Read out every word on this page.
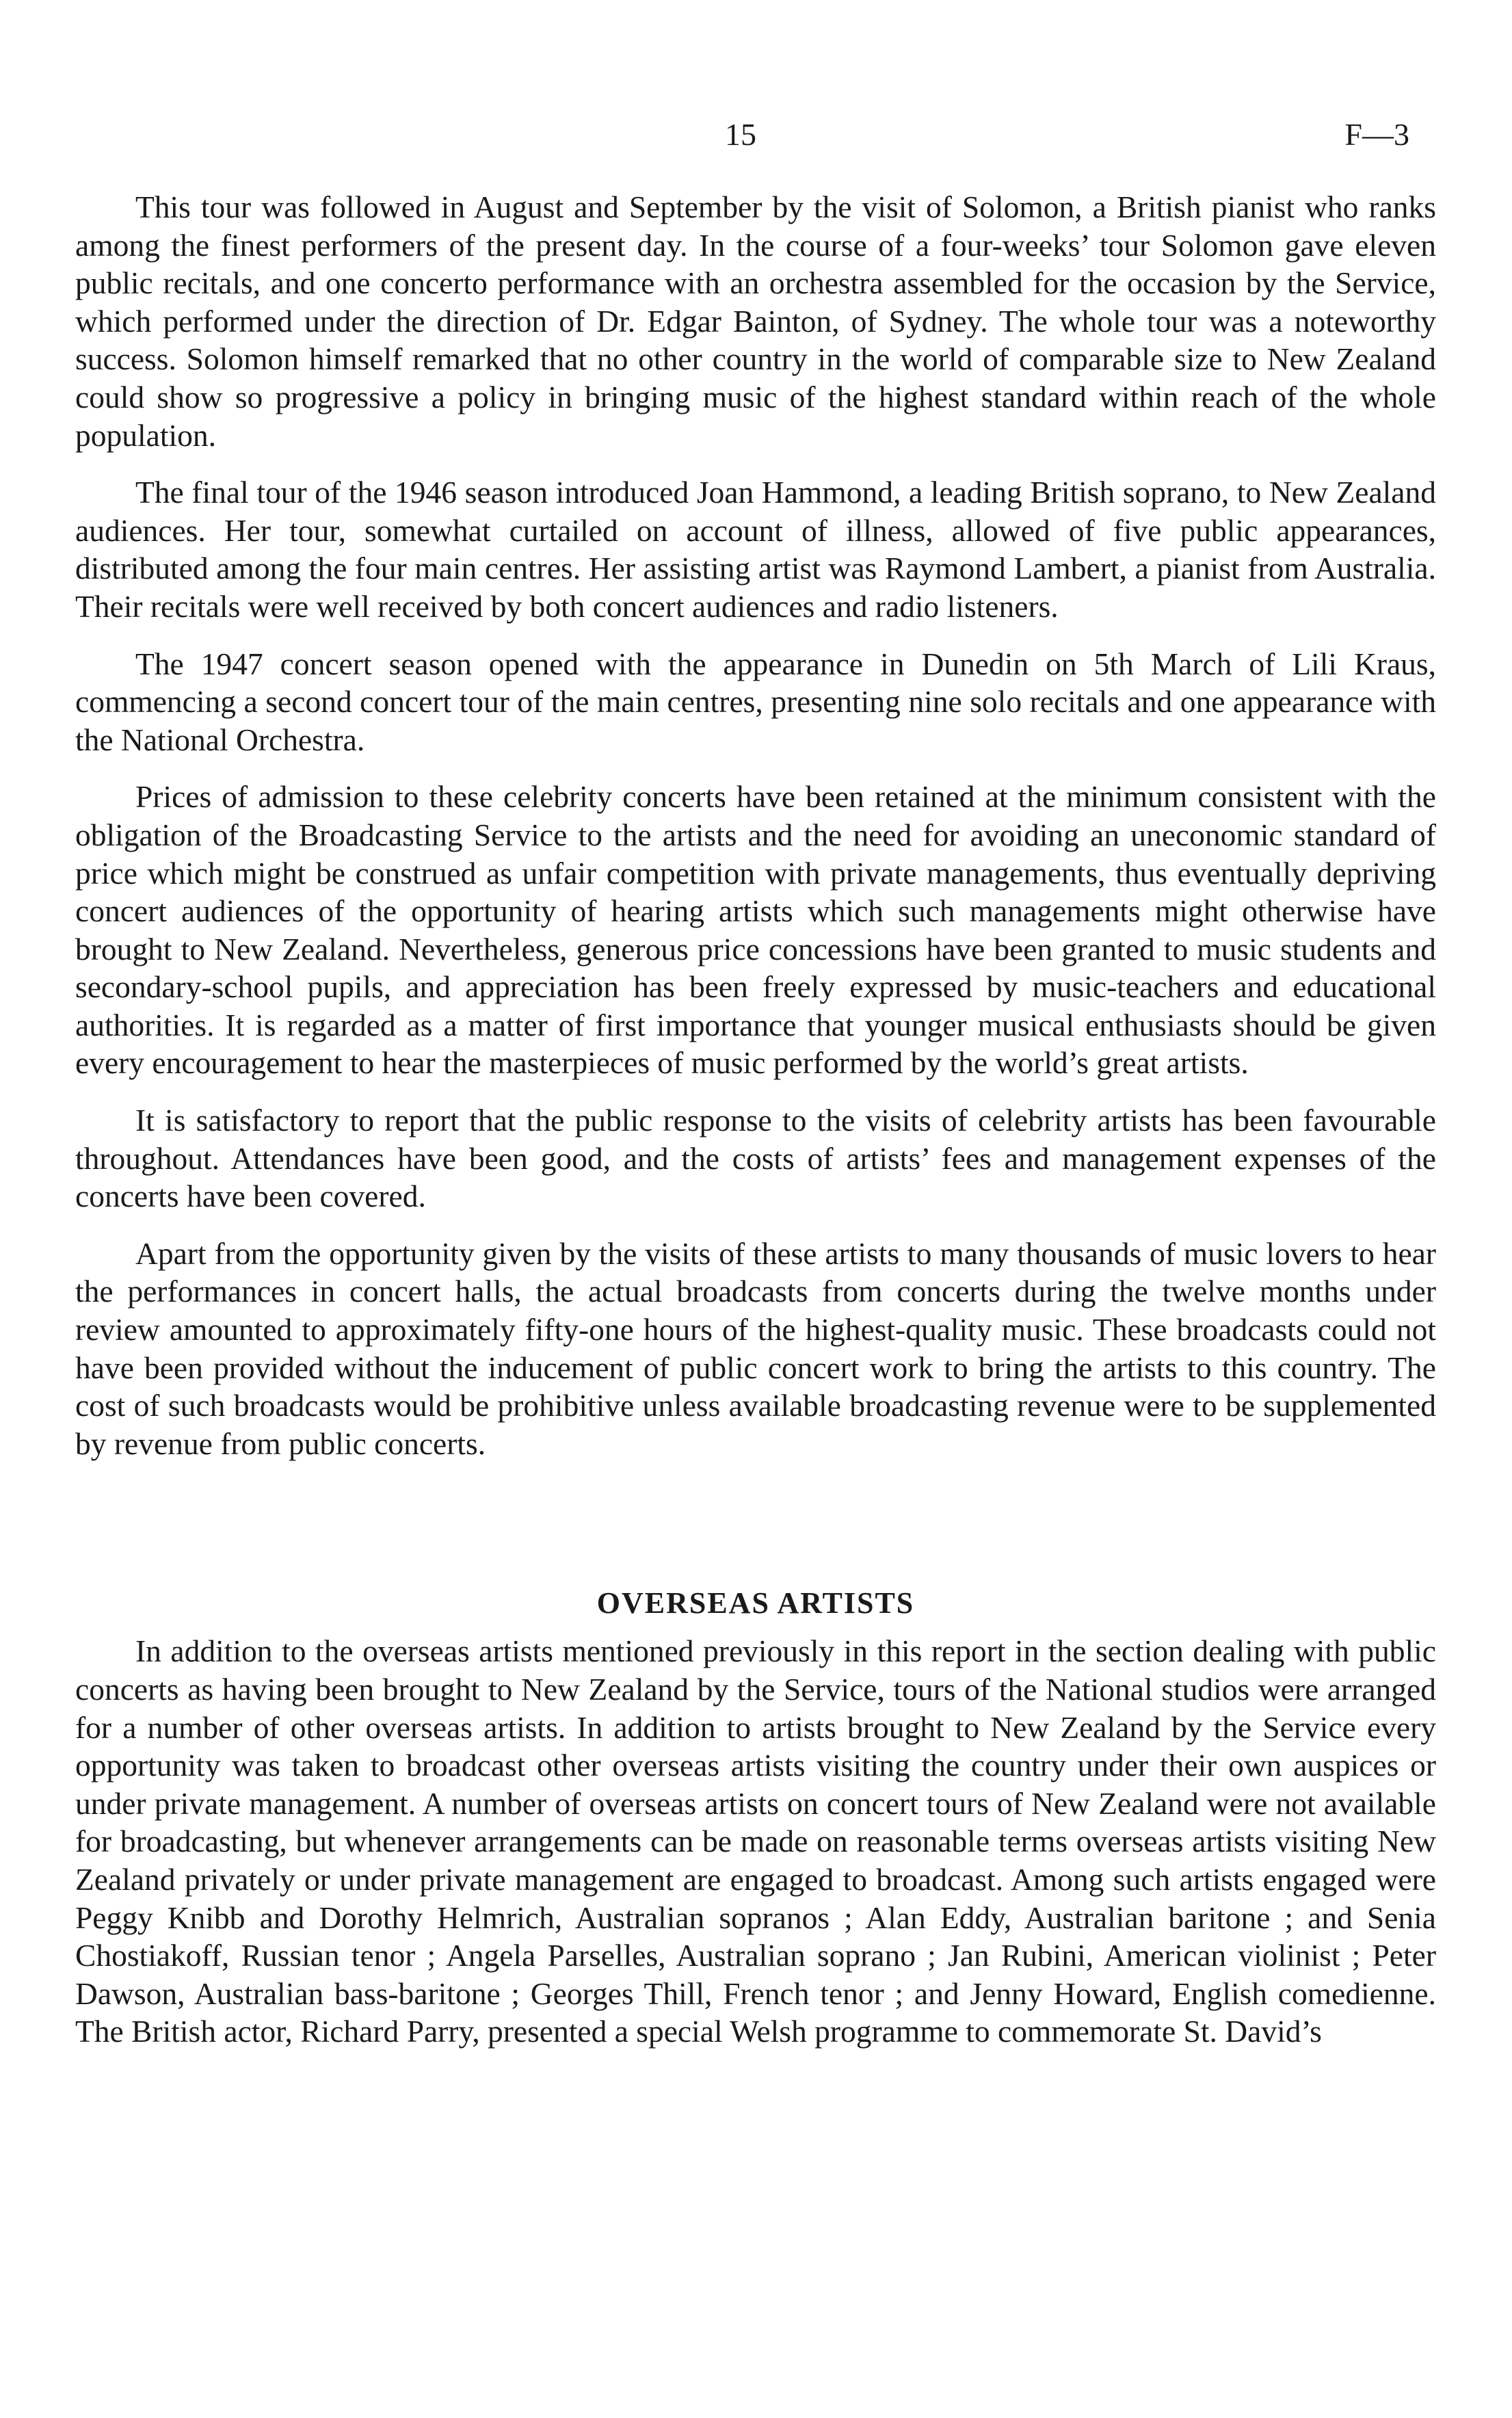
15	F—3

This tour was followed in August and September by the visit of Solomon, a British pianist who ranks among the finest performers of the present day. In the course of a four-weeks’ tour Solomon gave eleven public recitals, and one concerto performance with an orchestra assembled for the occasion by the Service, which performed under the direction of Dr. Edgar Bainton, of Sydney. The whole tour was a noteworthy success. Solomon himself remarked that no other country in the world of comparable size to New Zealand could show so progressive a policy in bringing music of the highest standard within reach of the whole population.

The final tour of the 1946 season introduced Joan Hammond, a leading British soprano, to New Zealand audiences. Her tour, somewhat curtailed on account of illness, allowed of five public appearances, distributed among the four main centres. Her assisting artist was Raymond Lambert, a pianist from Australia. Their recitals were well received by both concert audiences and radio listeners.

The 1947 concert season opened with the appearance in Dunedin on 5th March of Lili Kraus, commencing a second concert tour of the main centres, presenting nine solo recitals and one appearance with the National Orchestra.

Prices of admission to these celebrity concerts have been retained at the minimum consistent with the obligation of the Broadcasting Service to the artists and the need for avoiding an uneconomic standard of price which might be construed as unfair competition with private managements, thus eventually depriving concert audiences of the opportunity of hearing artists which such managements might otherwise have brought to New Zealand. Nevertheless, generous price concessions have been granted to music students and secondary-school pupils, and appreciation has been freely expressed by music-teachers and educational authorities. It is regarded as a matter of first importance that younger musical enthusiasts should be given every encouragement to hear the masterpieces of music performed by the world’s great artists.

It is satisfactory to report that the public response to the visits of celebrity artists has been favourable throughout. Attendances have been good, and the costs of artists’ fees and management expenses of the concerts have been covered.

Apart from the opportunity given by the visits of these artists to many thousands of music lovers to hear the performances in concert halls, the actual broadcasts from concerts during the twelve months under review amounted to approximately fifty-one hours of the highest-quality music. These broadcasts could not have been provided without the inducement of public concert work to bring the artists to this country. The cost of such broadcasts would be prohibitive unless available broadcasting revenue were to be supplemented by revenue from public concerts.

OVERSEAS ARTISTS

In addition to the overseas artists mentioned previously in this report in the section dealing with public concerts as having been brought to New Zealand by the Service, tours of the National studios were arranged for a number of other overseas artists. In addition to artists brought to New Zealand by the Service every opportunity was taken to broadcast other overseas artists visiting the country under their own auspices or under private management. A number of overseas artists on concert tours of New Zealand were not available for broadcasting, but whenever arrangements can be made on reasonable terms overseas artists visiting New Zealand privately or under private management are engaged to broadcast. Among such artists engaged were Peggy Knibb and Dorothy Helmrich, Australian sopranos ; Alan Eddy, Australian baritone ; and Senia Chostiakoff, Russian tenor ; Angela Parselles, Australian soprano ; Jan Rubini, American violinist ; Peter Dawson, Australian bass-baritone ; Georges Thill, French tenor ; and Jenny Howard, English comedienne. The British actor, Richard Parry, presented a special Welsh programme to commemorate St. David’s
